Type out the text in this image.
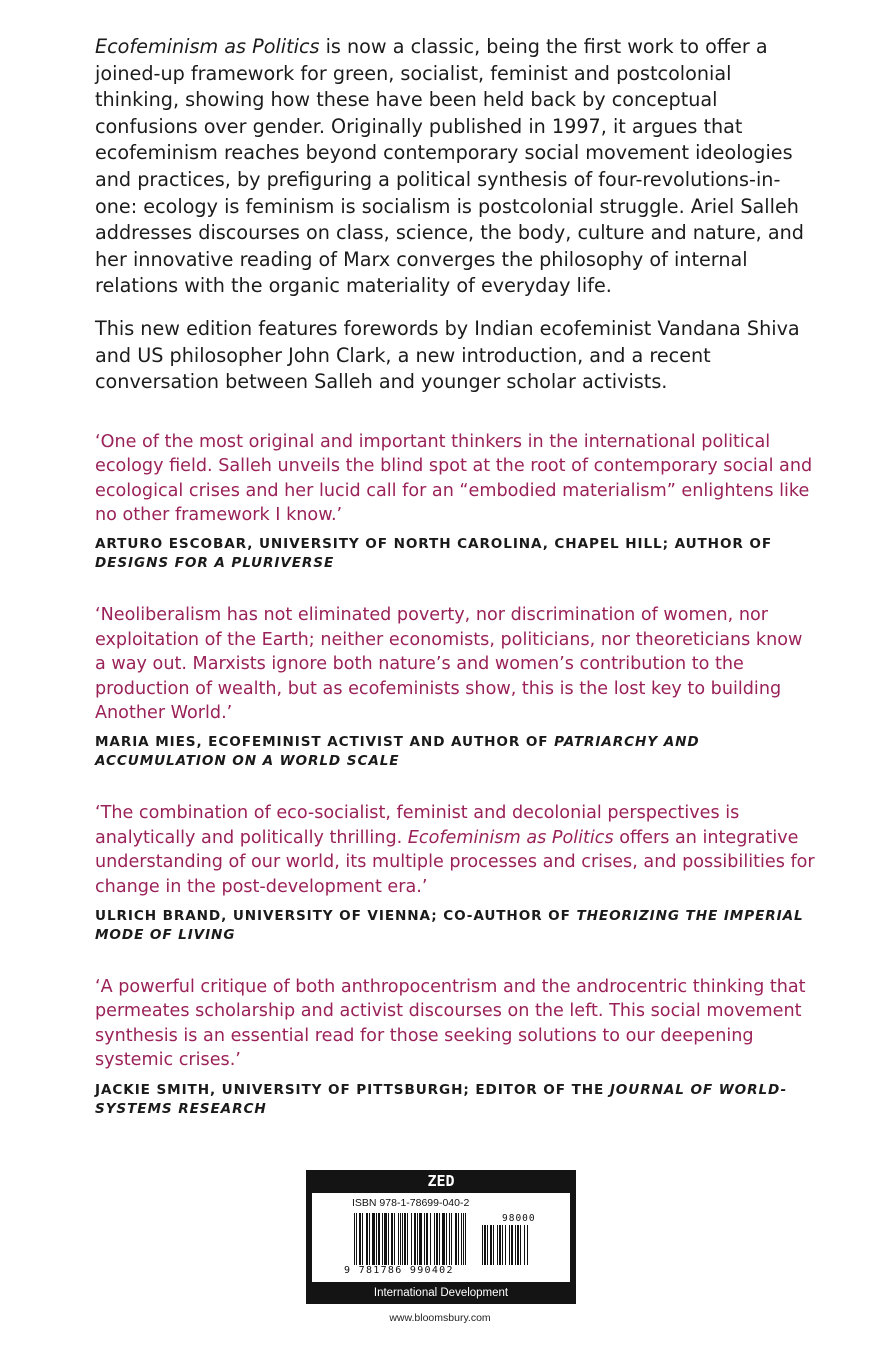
Ecofeminism as Politics is now a classic, being the first work to offer a joined-up framework for green, socialist, feminist and postcolonial thinking, showing how these have been held back by conceptual confusions over gender. Originally published in 1997, it argues that ecofeminism reaches beyond contemporary social movement ideologies and practices, by prefiguring a political synthesis of four-revolutions-in-one: ecology is feminism is socialism is postcolonial struggle. Ariel Salleh addresses discourses on class, science, the body, culture and nature, and her innovative reading of Marx converges the philosophy of internal relations with the organic materiality of everyday life.

This new edition features forewords by Indian ecofeminist Vandana Shiva and US philosopher John Clark, a new introduction, and a recent conversation between Salleh and younger scholar activists.

‘One of the most original and important thinkers in the international political ecology field. Salleh unveils the blind spot at the root of contemporary social and ecological crises and her lucid call for an “embodied materialism” enlightens like no other framework I know.’

ARTURO ESCOBAR, UNIVERSITY OF NORTH CAROLINA, CHAPEL HILL; AUTHOR OF DESIGNS FOR A PLURIVERSE

‘Neoliberalism has not eliminated poverty, nor discrimination of women, nor exploitation of the Earth; neither economists, politicians, nor theoreticians know a way out. Marxists ignore both nature’s and women’s contribution to the production of wealth, but as ecofeminists show, this is the lost key to building Another World.’

MARIA MIES, ECOFEMINIST ACTIVIST AND AUTHOR OF PATRIARCHY AND ACCUMULATION ON A WORLD SCALE

‘The combination of eco-socialist, feminist and decolonial perspectives is analytically and politically thrilling. Ecofeminism as Politics offers an integrative understanding of our world, its multiple processes and crises, and possibilities for change in the post-development era.’

ULRICH BRAND, UNIVERSITY OF VIENNA; CO-AUTHOR OF THEORIZING THE IMPERIAL MODE OF LIVING

‘A powerful critique of both anthropocentrism and the androcentric thinking that permeates scholarship and activist discourses on the left. This social movement synthesis is an essential read for those seeking solutions to our deepening systemic crises.’

JACKIE SMITH, UNIVERSITY OF PITTSBURGH; EDITOR OF THE JOURNAL OF WORLD-SYSTEMS RESEARCH

ZED
ISBN 978-1-78699-040-2
98000
9 781786 990402
International Development
www.bloomsbury.com
